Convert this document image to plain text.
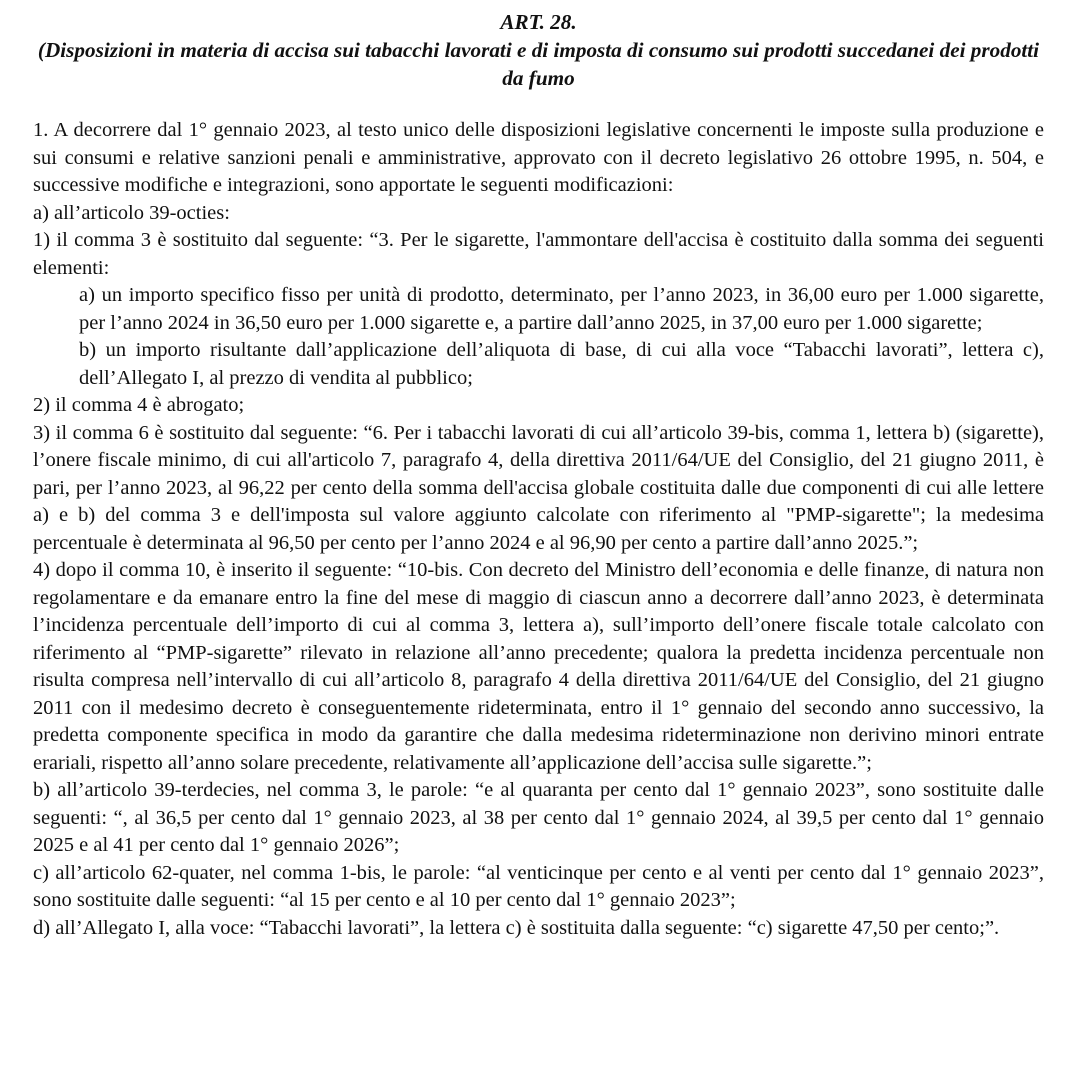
ART. 28.
(Disposizioni in materia di accisa sui tabacchi lavorati e di imposta di consumo sui prodotti succedanei dei prodotti da fumo

1. A decorrere dal 1° gennaio 2023, al testo unico delle disposizioni legislative concernenti le imposte sulla produzione e sui consumi e relative sanzioni penali e amministrative, approvato con il decreto legislativo 26 ottobre 1995, n. 504, e successive modifiche e integrazioni, sono apportate le seguenti modificazioni:

a) all’articolo 39-octies:

1) il comma 3 è sostituito dal seguente: “3. Per le sigarette, l'ammontare dell'accisa è costituito dalla somma dei seguenti elementi:

a) un importo specifico fisso per unità di prodotto, determinato, per l’anno 2023, in 36,00 euro per 1.000 sigarette, per l’anno 2024 in 36,50 euro per 1.000 sigarette e, a partire dall’anno 2025, in 37,00 euro per 1.000 sigarette;

b) un importo risultante dall’applicazione dell’aliquota di base, di cui alla voce “Tabacchi lavorati”, lettera c), dell’Allegato I, al prezzo di vendita al pubblico;

2) il comma 4 è abrogato;

3) il comma 6 è sostituito dal seguente: “6. Per i tabacchi lavorati di cui all’articolo 39-bis, comma 1, lettera b) (sigarette), l’onere fiscale minimo, di cui all'articolo 7, paragrafo 4, della direttiva 2011/64/UE del Consiglio, del 21 giugno 2011, è pari, per l’anno 2023, al 96,22 per cento della somma dell'accisa globale costituita dalle due componenti di cui alle lettere a) e b) del comma 3 e dell'imposta sul valore aggiunto calcolate con riferimento al "PMP-sigarette"; la medesima percentuale è determinata al 96,50 per cento per l’anno 2024 e al 96,90 per cento a partire dall’anno 2025.”;

4) dopo il comma 10, è inserito il seguente: “10-bis. Con decreto del Ministro dell’economia e delle finanze, di natura non regolamentare e da emanare entro la fine del mese di maggio di ciascun anno a decorrere dall’anno 2023, è determinata l’incidenza percentuale dell’importo di cui al comma 3, lettera a), sull’importo dell’onere fiscale totale calcolato con riferimento al “PMP-sigarette” rilevato in relazione all’anno precedente; qualora la predetta incidenza percentuale non risulta compresa nell’intervallo di cui all’articolo 8, paragrafo 4 della direttiva 2011/64/UE del Consiglio, del 21 giugno 2011 con il medesimo decreto è conseguentemente rideterminata, entro il 1° gennaio del secondo anno successivo, la predetta componente specifica in modo da garantire che dalla medesima rideterminazione non derivino minori entrate erariali, rispetto all’anno solare precedente, relativamente all’applicazione dell’accisa sulle sigarette.”;

b) all’articolo 39-terdecies, nel comma 3, le parole: “e al quaranta per cento dal 1° gennaio 2023”, sono sostituite dalle seguenti: “, al 36,5 per cento dal 1° gennaio 2023, al 38 per cento dal 1° gennaio 2024, al 39,5 per cento dal 1° gennaio 2025 e al 41 per cento dal 1° gennaio 2026”;

c) all’articolo 62-quater, nel comma 1-bis, le parole: “al venticinque per cento e al venti per cento dal 1° gennaio 2023”, sono sostituite dalle seguenti: “al 15 per cento e al 10 per cento dal 1° gennaio 2023”;

d) all’Allegato I, alla voce: “Tabacchi lavorati”, la lettera c) è sostituita dalla seguente: “c) sigarette 47,50 per cento;”.
